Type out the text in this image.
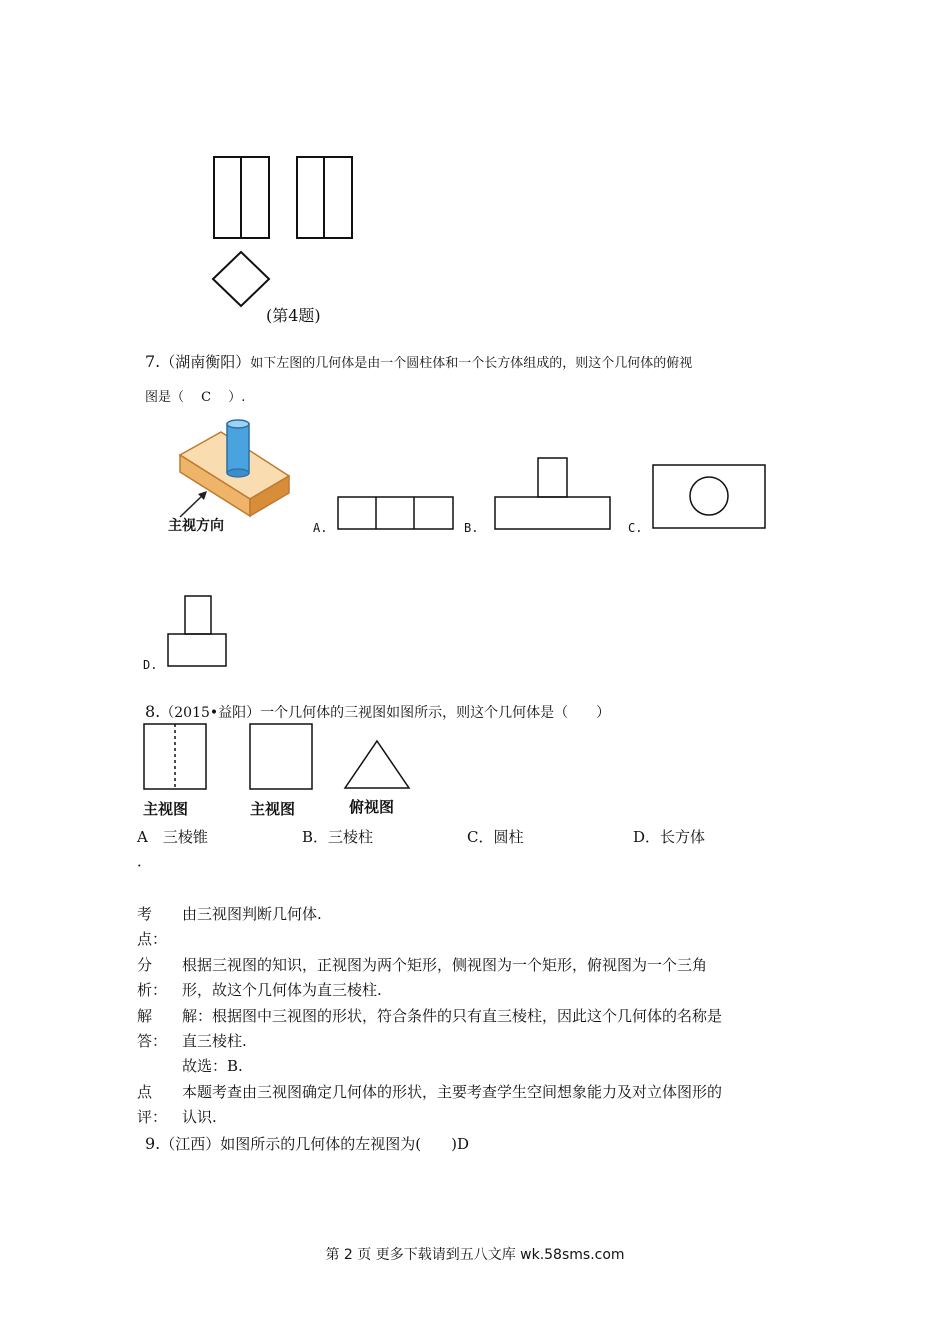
(第4题)
7.（湖南衡阳）如下左图的几何体是由一个圆柱体和一个长方体组成的，则这个几何体的俯视
图是（　 C　 ）.
主视方向	A.	B.	C.
D.
8.（2015•益阳）一个几何体的三视图如图所示，则这个几何体是（　　）
主视图	主视图	俯视图
A　三棱锥	B．三棱柱	C．圆柱	D．长方体
．
考 由三视图判断几何体.
点：
分 根据三视图的知识，正视图为两个矩形，侧视图为一个矩形，俯视图为一个三角
析： 形，故这个几何体为直三棱柱.
解 解：根据图中三视图的形状，符合条件的只有直三棱柱，因此这个几何体的名称是
答： 直三棱柱.
故选：B.
点 本题考查由三视图确定几何体的形状，主要考查学生空间想象能力及对立体图形的
评： 认识.
9.（江西）如图所示的几何体的左视图为(　　)D
第 2 页 更多下载请到五八文库 wk.58sms.com
